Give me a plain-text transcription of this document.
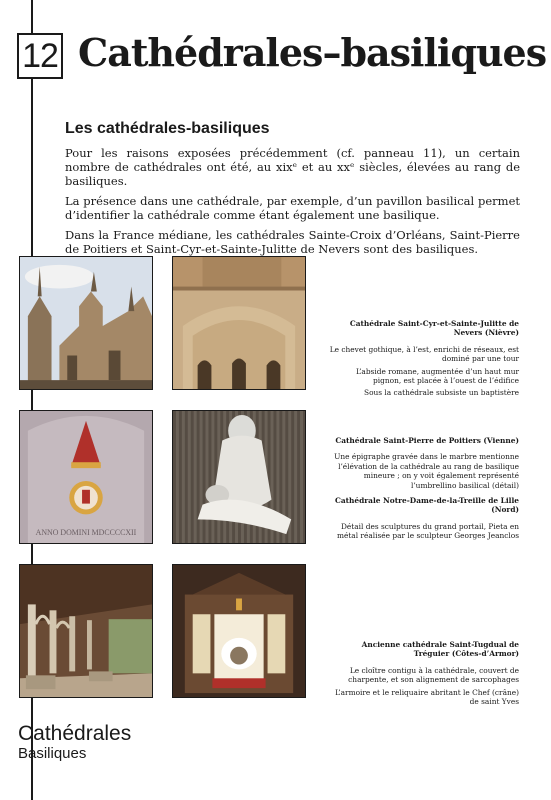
12 Cathédrales–basiliques
Les cathédrales-basiliques

Pour les raisons exposées précédemment (cf. panneau 11), un certain nombre de cathédrales ont été, au xixᵉ et au xxᵉ siècles, élevées au rang de basiliques.

La présence dans une cathédrale, par exemple, d’un pavillon basilical permet d’identifier la cathédrale comme étant également une basilique.

Dans la France médiane, les cathédrales Sainte-Croix d’Orléans, Saint-Pierre de Poitiers et Saint-Cyr-et-Sainte-Julitte de Nevers sont des basiliques.

Cathédrale Saint-Cyr-et-Sainte-Julitte de Nevers (Nièvre)
Le chevet gothique, à l’est, enrichi de réseaux, est dominé par une tour
L’abside romane, augmentée d’un haut mur pignon, est placée à l’ouest de l’édifice
Sous la cathédrale subsiste un baptistère
ANNO DOMINI MDCCCCXII
Cathédrale Saint-Pierre de Poitiers (Vienne)
Une épigraphe gravée dans le marbre mentionne l’élévation de la cathédrale au rang de basilique mineure ; on y voit également représenté l’umbrellino basilical (détail)
Cathédrale Notre-Dame-de-la-Treille de Lille (Nord)
Détail des sculptures du grand portail, Pieta en métal réalisée par le sculpteur Georges Jeanclos
Ancienne cathédrale Saint-Tugdual de Tréguier (Côtes-d’Armor)
Le cloître contigu à la cathédrale, couvert de charpente, et son alignement de sarcophages
L’armoire et le reliquaire abritant le Chef (crâne) de saint Yves
Cathédrales
Basiliques
